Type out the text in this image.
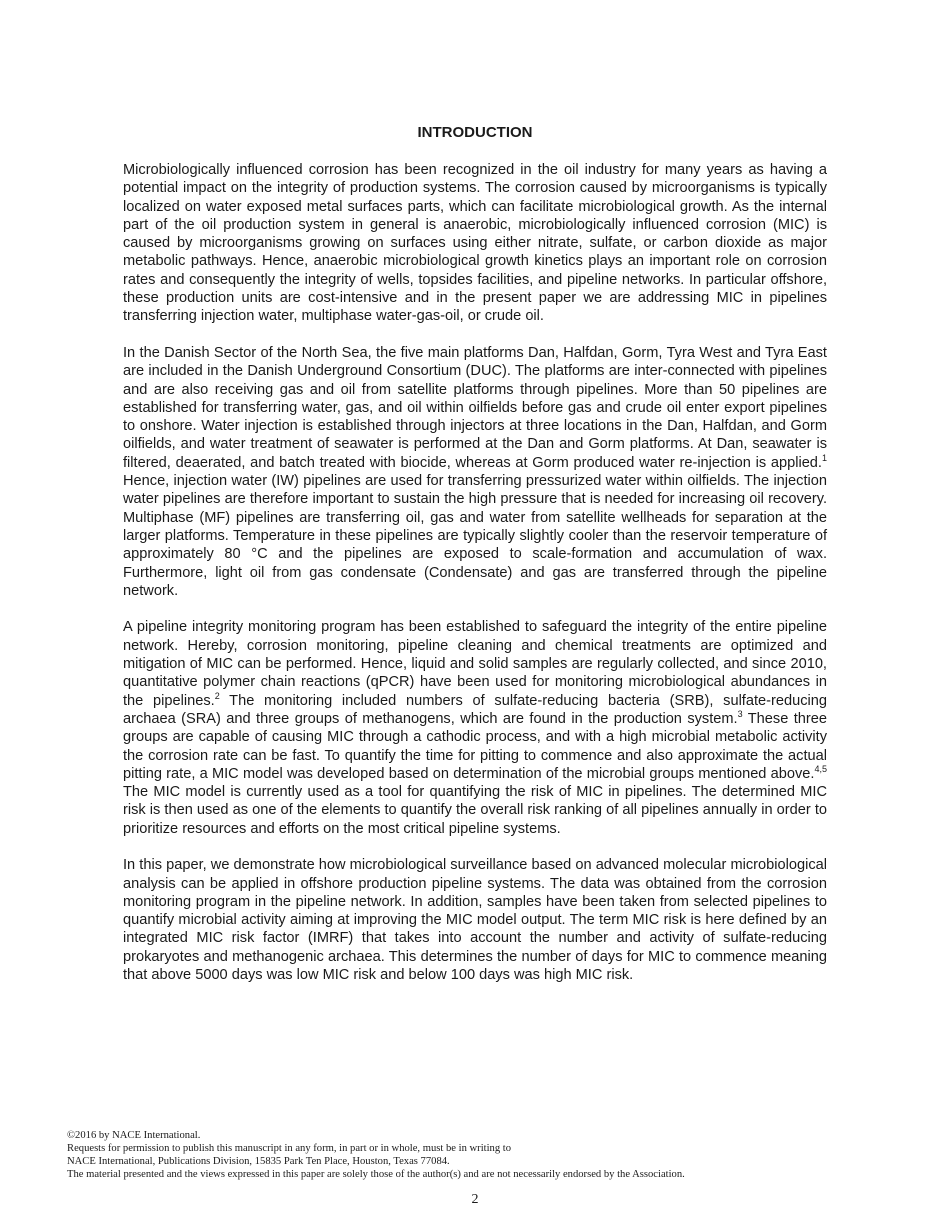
INTRODUCTION

Microbiologically influenced corrosion has been recognized in the oil industry for many years as having a potential impact on the integrity of production systems. The corrosion caused by microorganisms is typically localized on water exposed metal surfaces parts, which can facilitate microbiological growth. As the internal part of the oil production system in general is anaerobic, microbiologically influenced corrosion (MIC) is caused by microorganisms growing on surfaces using either nitrate, sulfate, or carbon dioxide as major metabolic pathways. Hence, anaerobic microbiological growth kinetics plays an important role on corrosion rates and consequently the integrity of wells, topsides facilities, and pipeline networks. In particular offshore, these production units are cost-intensive and in the present paper we are addressing MIC in pipelines transferring injection water, multiphase water-gas-oil, or crude oil.

In the Danish Sector of the North Sea, the five main platforms Dan, Halfdan, Gorm, Tyra West and Tyra East are included in the Danish Underground Consortium (DUC). The platforms are inter-connected with pipelines and are also receiving gas and oil from satellite platforms through pipelines. More than 50 pipelines are established for transferring water, gas, and oil within oilfields before gas and crude oil enter export pipelines to onshore. Water injection is established through injectors at three locations in the Dan, Halfdan, and Gorm oilfields, and water treatment of seawater is performed at the Dan and Gorm platforms. At Dan, seawater is filtered, deaerated, and batch treated with biocide, whereas at Gorm produced water re-injection is applied.$^1$ Hence, injection water (IW) pipelines are used for transferring pressurized water within oilfields. The injection water pipelines are therefore important to sustain the high pressure that is needed for increasing oil recovery. Multiphase (MF) pipelines are transferring oil, gas and water from satellite wellheads for separation at the larger platforms. Temperature in these pipelines are typically slightly cooler than the reservoir temperature of approximately 80 °C and the pipelines are exposed to scale-formation and accumulation of wax. Furthermore, light oil from gas condensate (Condensate) and gas are transferred through the pipeline network.

A pipeline integrity monitoring program has been established to safeguard the integrity of the entire pipeline network. Hereby, corrosion monitoring, pipeline cleaning and chemical treatments are optimized and mitigation of MIC can be performed. Hence, liquid and solid samples are regularly collected, and since 2010, quantitative polymer chain reactions (qPCR) have been used for monitoring microbiological abundances in the pipelines.$^2$ The monitoring included numbers of sulfate-reducing bacteria (SRB), sulfate-reducing archaea (SRA) and three groups of methanogens, which are found in the production system.$^3$ These three groups are capable of causing MIC through a cathodic process, and with a high microbial metabolic activity the corrosion rate can be fast. To quantify the time for pitting to commence and also approximate the actual pitting rate, a MIC model was developed based on determination of the microbial groups mentioned above.$^{4,5}$ The MIC model is currently used as a tool for quantifying the risk of MIC in pipelines. The determined MIC risk is then used as one of the elements to quantify the overall risk ranking of all pipelines annually in order to prioritize resources and efforts on the most critical pipeline systems.

In this paper, we demonstrate how microbiological surveillance based on advanced molecular microbiological analysis can be applied in offshore production pipeline systems. The data was obtained from the corrosion monitoring program in the pipeline network. In addition, samples have been taken from selected pipelines to quantify microbial activity aiming at improving the MIC model output. The term MIC risk is here defined by an integrated MIC risk factor (IMRF) that takes into account the number and activity of sulfate-reducing prokaryotes and methanogenic archaea. This determines the number of days for MIC to commence meaning that above 5000 days was low MIC risk and below 100 days was high MIC risk.

©2016 by NACE International.
Requests for permission to publish this manuscript in any form, in part or in whole, must be in writing to
NACE International, Publications Division, 15835 Park Ten Place, Houston, Texas 77084.
The material presented and the views expressed in this paper are solely those of the author(s) and are not necessarily endorsed by the Association.
2
